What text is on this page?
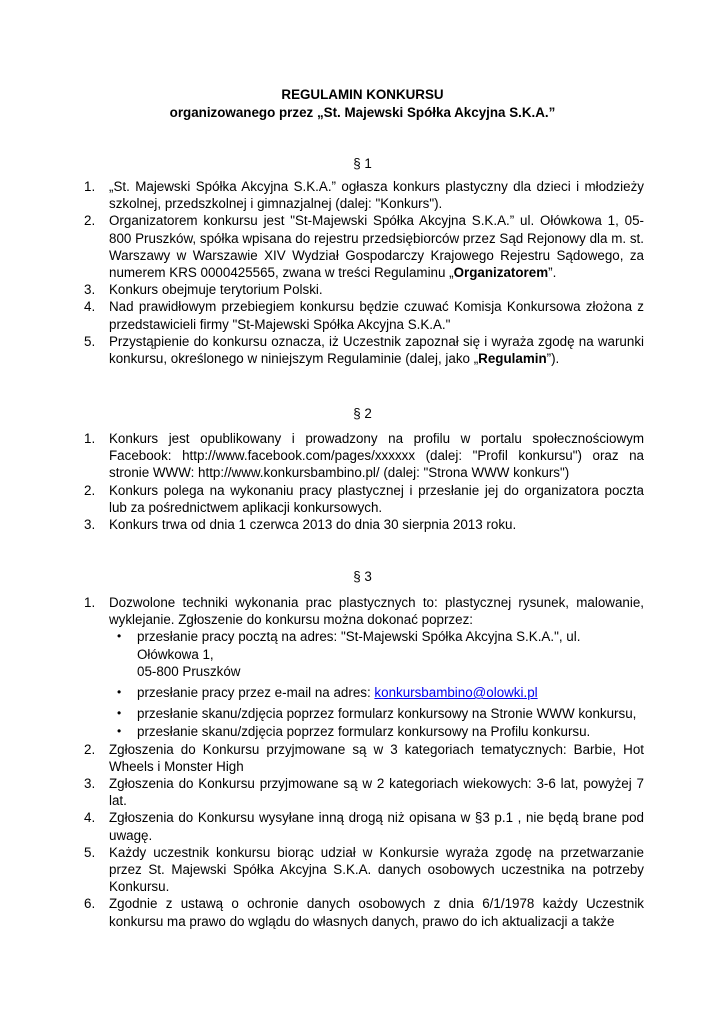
REGULAMIN KONKURSU
organizowanego przez „St. Majewski Spółka Akcyjna S.K.A.”
§ 1
1. „St. Majewski Spółka Akcyjna S.K.A.” ogłasza konkurs plastyczny dla dzieci i młodzieży szkolnej, przedszkolnej i gimnazjalnej (dalej: "Konkurs").
2. Organizatorem konkursu jest "St-Majewski Spółka Akcyjna S.K.A.” ul. Ołówkowa 1, 05-800 Pruszków, spółka wpisana do rejestru przedsiębiorców przez Sąd Rejonowy dla m. st. Warszawy w Warszawie XIV Wydział Gospodarczy Krajowego Rejestru Sądowego, za numerem KRS 0000425565, zwana w treści Regulaminu „Organizatorem”.
3. Konkurs obejmuje terytorium Polski.
4. Nad prawidłowym przebiegiem konkursu będzie czuwać Komisja Konkursowa złożona z przedstawicieli firmy "St-Majewski Spółka Akcyjna S.K.A."
5. Przystąpienie do konkursu oznacza, iż Uczestnik zapoznał się i wyraża zgodę na warunki konkursu, określonego w niniejszym Regulaminie (dalej, jako „Regulamin”).
§ 2
1. Konkurs jest opublikowany i prowadzony na profilu w portalu społecznościowym Facebook: http://www.facebook.com/pages/xxxxxx (dalej: "Profil konkursu") oraz na stronie WWW: http://www.konkursbambino.pl/ (dalej: "Strona WWW konkurs")
2. Konkurs polega na wykonaniu pracy plastycznej i przesłanie jej do organizatora poczta lub za pośrednictwem aplikacji konkursowych.
3. Konkurs trwa od dnia 1 czerwca 2013 do dnia 30 sierpnia 2013 roku.
§ 3
1. Dozwolone techniki wykonania prac plastycznych to: plastycznej rysunek, malowanie, wyklejanie. Zgłoszenie do konkursu można dokonać poprzez:
• przesłanie pracy pocztą na adres: "St-Majewski Spółka Akcyjna S.K.A.", ul.
Ołówkowa 1,
05-800 Pruszków
• przesłanie pracy przez e-mail na adres: konkursbambino@olowki.pl
• przesłanie skanu/zdjęcia poprzez formularz konkursowy na Stronie WWW konkursu,
• przesłanie skanu/zdjęcia poprzez formularz konkursowy na Profilu konkursu.
2. Zgłoszenia do Konkursu przyjmowane są w 3 kategoriach tematycznych: Barbie, Hot Wheels i Monster High
3. Zgłoszenia do Konkursu przyjmowane są w 2 kategoriach wiekowych: 3-6 lat, powyżej 7 lat.
4. Zgłoszenia do Konkursu wysyłane inną drogą niż opisana w §3 p.1 , nie będą brane pod uwagę.
5. Każdy uczestnik konkursu biorąc udział w Konkursie wyraża zgodę na przetwarzanie przez St. Majewski Spółka Akcyjna S.K.A. danych osobowych uczestnika na potrzeby Konkursu.
6. Zgodnie z ustawą o ochronie danych osobowych z dnia 6/1/1978 każdy Uczestnik konkursu ma prawo do wglądu do własnych danych, prawo do ich aktualizacji a także
